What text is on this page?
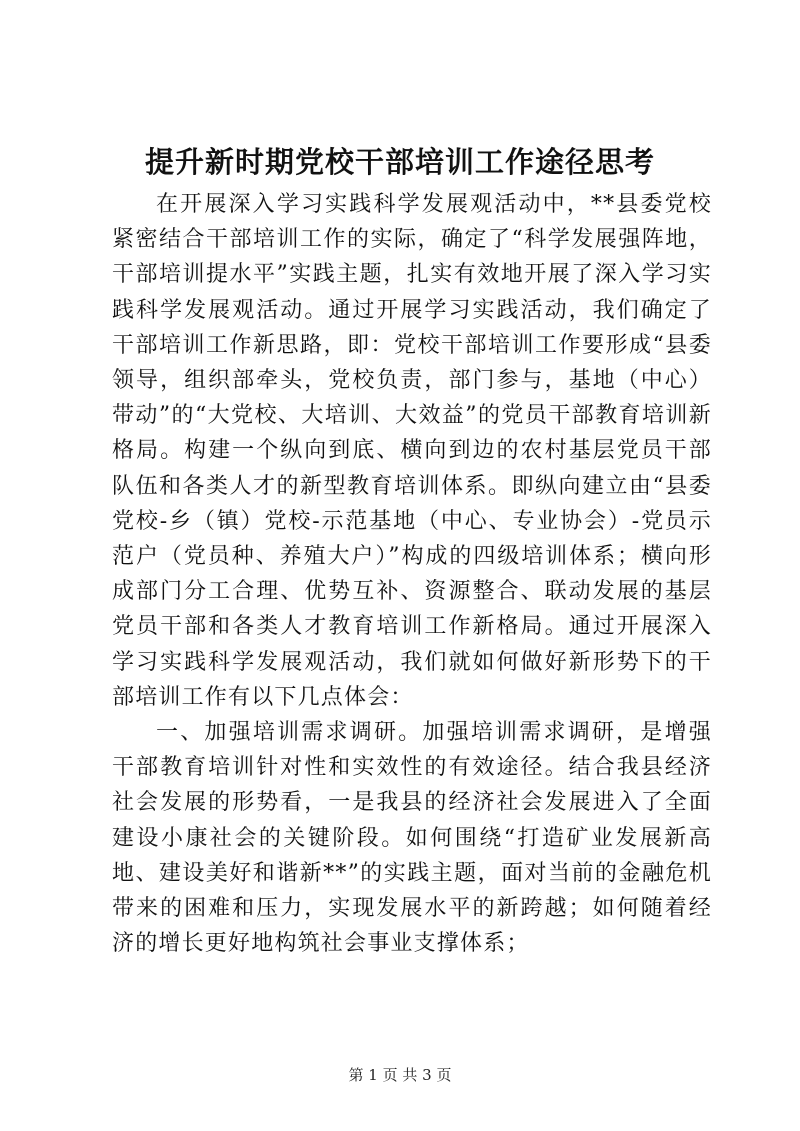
提升新时期党校干部培训工作途径思考

在开展深入学习实践科学发展观活动中，**县委党校紧密结合干部培训工作的实际，确定了“科学发展强阵地，干部培训提水平”实践主题，扎实有效地开展了深入学习实践科学发展观活动。通过开展学习实践活动，我们确定了干部培训工作新思路，即：党校干部培训工作要形成“县委领导，组织部牵头，党校负责，部门参与，基地（中心）带动”的“大党校、大培训、大效益”的党员干部教育培训新格局。构建一个纵向到底、横向到边的农村基层党员干部队伍和各类人才的新型教育培训体系。即纵向建立由“县委党校-乡（镇）党校-示范基地（中心、专业协会）-党员示范户（党员种、养殖大户）”构成的四级培训体系；横向形成部门分工合理、优势互补、资源整合、联动发展的基层党员干部和各类人才教育培训工作新格局。通过开展深入学习实践科学发展观活动，我们就如何做好新形势下的干部培训工作有以下几点体会：

一、加强培训需求调研。加强培训需求调研，是增强干部教育培训针对性和实效性的有效途径。结合我县经济社会发展的形势看，一是我县的经济社会发展进入了全面建设小康社会的关键阶段。如何围绕“打造矿业发展新高地、建设美好和谐新**”的实践主题，面对当前的金融危机带来的困难和压力，实现发展水平的新跨越；如何随着经济的增长更好地构筑社会事业支撑体系；

第 1 页 共 3 页
